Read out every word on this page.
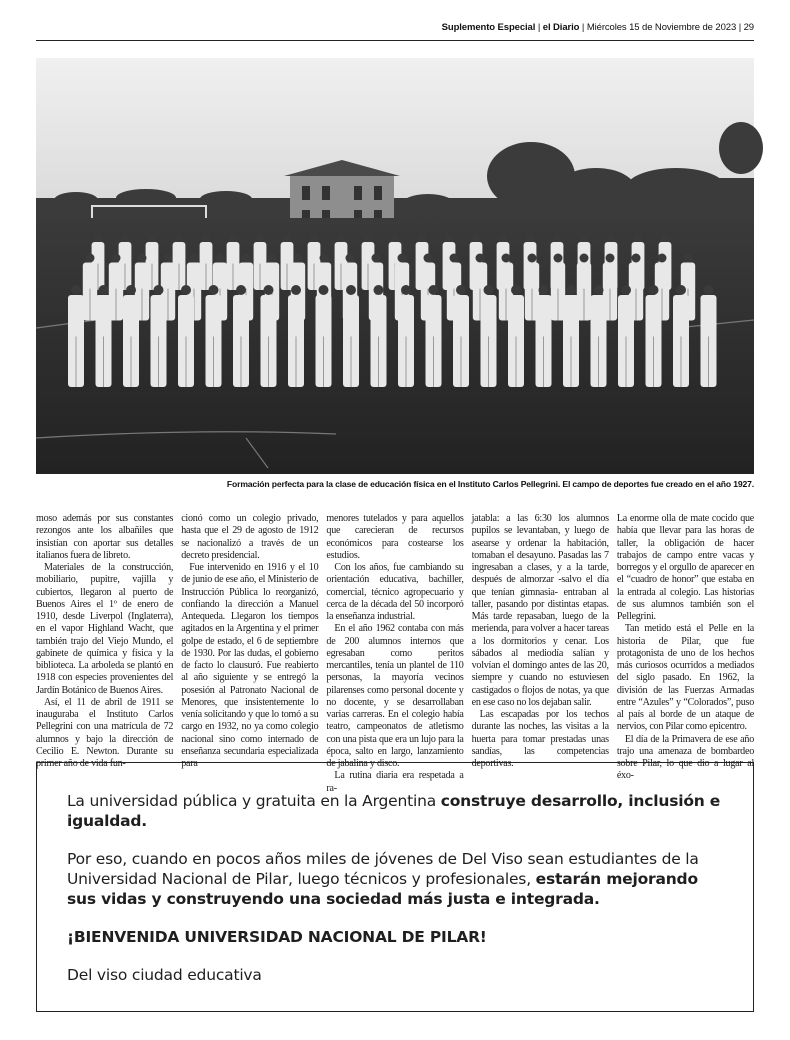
Suplemento Especial | el Diario | Miércoles 15 de Noviembre de 2023 | 29
Formación perfecta para la clase de educación física en el Instituto Carlos Pellegrini. El campo de deportes fue creado en el año 1927.

moso además por sus constantes rezongos ante los albañiles que insistían con aportar sus detalles italianos fuera de libreto.

Materiales de la construcción, mobiliario, pupitre, vajilla y cubiertos, llegaron al puerto de Buenos Aires el 1º de enero de 1910, desde Liverpol (Inglaterra), en el vapor Highland Wacht, que también trajo del Viejo Mundo, el gabinete de química y física y la biblioteca. La arboleda se plantó en 1918 con especies provenientes del Jardín Botánico de Buenos Aires.

Así, el 11 de abril de 1911 se inauguraba el Instituto Carlos Pellegrini con una matrícula de 72 alumnos y bajo la dirección de Cecilio E. Newton. Durante su primer año de vida fun-

cionó como un colegio privado, hasta que el 29 de agosto de 1912 se nacionalizó a través de un decreto presidencial.

Fue intervenido en 1916 y el 10 de junio de ese año, el Ministerio de Instrucción Pública lo reorganizó, confiando la dirección a Manuel Antequeda. Llegaron los tiempos agitados en la Argentina y el primer golpe de estado, el 6 de septiembre de 1930. Por las dudas, el gobierno de facto lo clausuró. Fue reabierto al año siguiente y se entregó la posesión al Patronato Nacional de Menores, que insistentemente lo venía solicitando y que lo tomó a su cargo en 1932, no ya como colegio nacional sino como internado de enseñanza secundaria especializada para

menores tutelados y para aquellos que carecieran de recursos económicos para costearse los estudios.

Con los años, fue cambiando su orientación educativa, bachiller, comercial, técnico agropecuario y cerca de la década del 50 incorporó la enseñanza industrial.

En el año 1962 contaba con más de 200 alumnos internos que egresaban como peritos mercantiles, tenía un plantel de 110 personas, la mayoría vecinos pilarenses como personal docente y no docente, y se desarrollaban varias carreras. En el colegio había teatro, campeonatos de atletismo con una pista que era un lujo para la época, salto en largo, lanzamiento de jabalina y disco.

La rutina diaria era respetada a ra-

jatabla: a las 6:30 los alumnos pupilos se levantaban, y luego de asearse y ordenar la habitación, tomaban el desayuno. Pasadas las 7 ingresaban a clases, y a la tarde, después de almorzar -salvo el día que tenían gimnasia- entraban al taller, pasando por distintas etapas. Más tarde repasaban, luego de la merienda, para volver a hacer tareas a los dormitorios y cenar. Los sábados al mediodía salían y volvían el domingo antes de las 20, siempre y cuando no estuviesen castigados o flojos de notas, ya que en ese caso no los dejaban salir.

Las escapadas por los techos durante las noches, las visitas a la huerta para tomar prestadas unas sandías, las competencias deportivas.

La enorme olla de mate cocido que había que llevar para las horas de taller, la obligación de hacer trabajos de campo entre vacas y borregos y el orgullo de aparecer en el “cuadro de honor” que estaba en la entrada al colegio. Las historias de sus alumnos también son el Pellegrini.

Tan metido está el Pelle en la historia de Pilar, que fue protagonista de uno de los hechos más curiosos ocurridos a mediados del siglo pasado. En 1962, la división de las Fuerzas Armadas entre “Azules” y “Colorados”, puso al país al borde de un ataque de nervios, con Pilar como epicentro.

El día de la Primavera de ese año trajo una amenaza de bombardeo sobre Pilar, lo que dio a lugar al éxo-

La universidad pública y gratuita en la Argentina construye desarrollo, inclusión e igualdad.

Por eso, cuando en pocos años miles de jóvenes de Del Viso sean estudiantes de la Universidad Nacional de Pilar, luego técnicos y profesionales, estarán mejorando sus vidas y construyendo una sociedad más justa e integrada.

¡BIENVENIDA UNIVERSIDAD NACIONAL DE PILAR!

Del viso ciudad educativa
